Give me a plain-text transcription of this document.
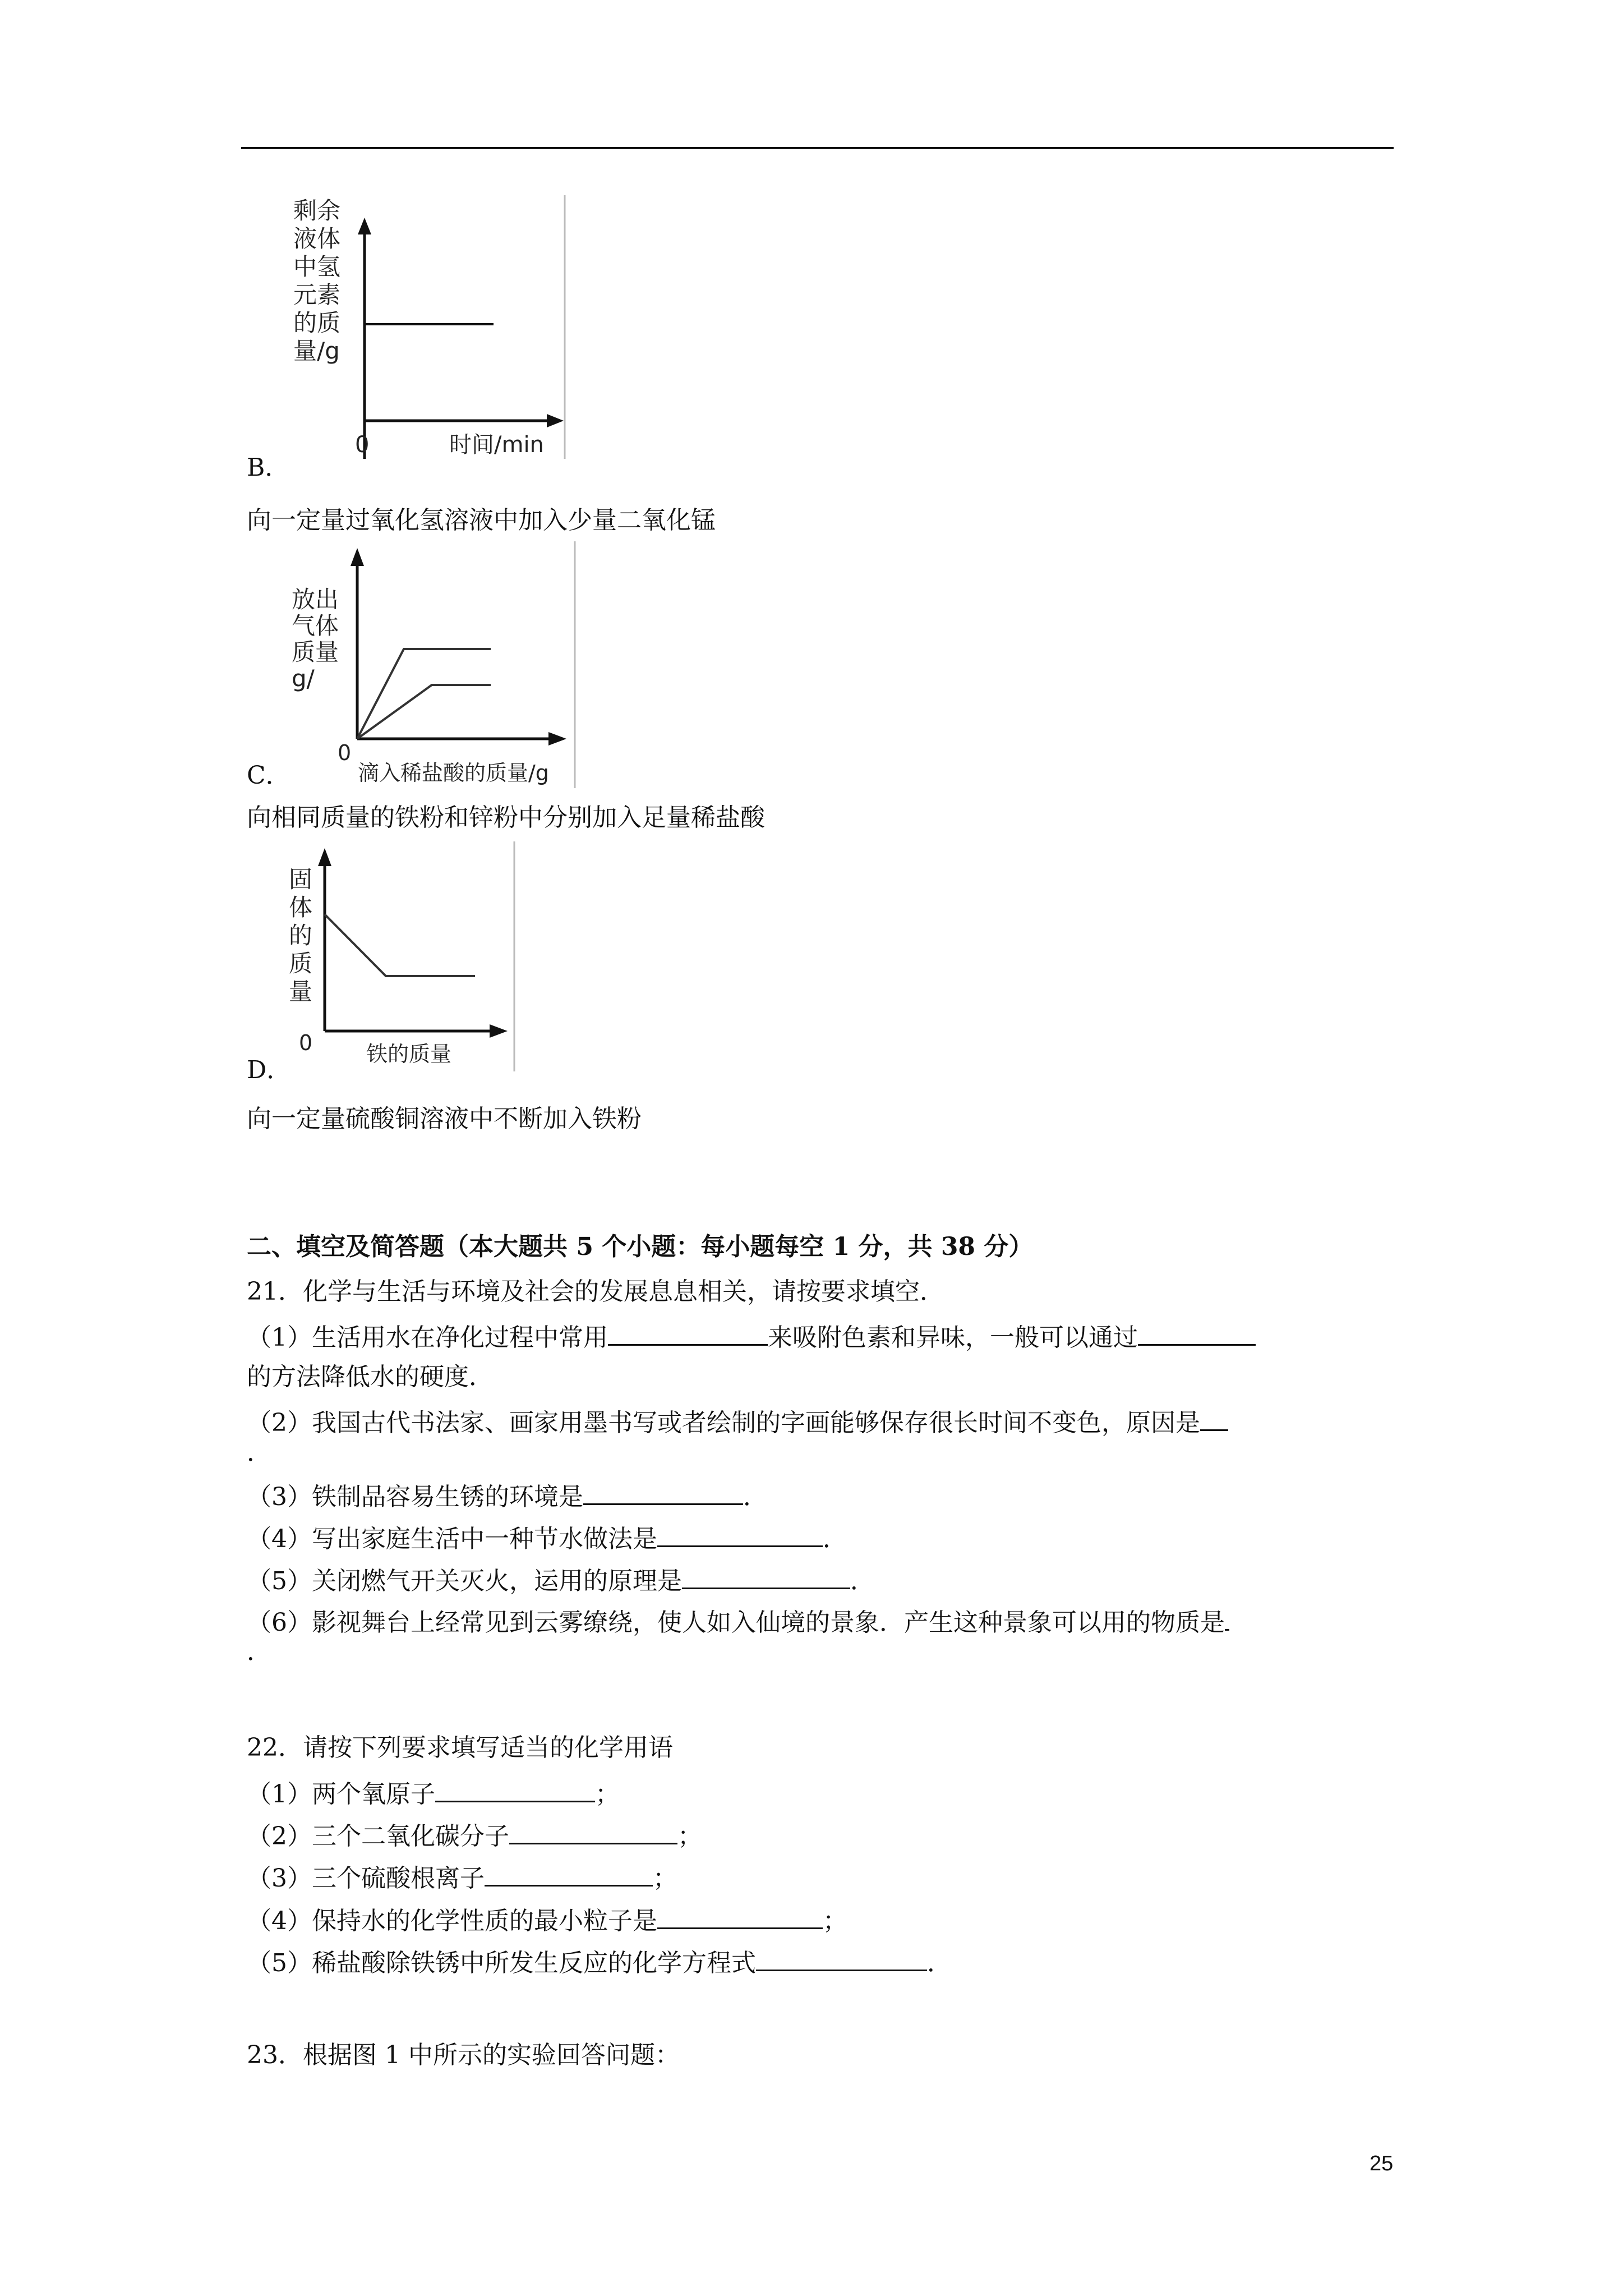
剩余
液体
中氢
元素
的质
量/g
0	时间/min
B．
向一定量过氧化氢溶液中加入少量二氧化锰
放出
气体
质量
g/
0
滴入稀盐酸的质量/g
C．
向相同质量的铁粉和锌粉中分别加入足量稀盐酸
固
体
的
质
量
0	铁的质量
D．
向一定量硫酸铜溶液中不断加入铁粉
二、填空及简答题（本大题共 5 个小题：每小题每空 1 分，共 38 分）
21．化学与生活与环境及社会的发展息息相关，请按要求填空．
（1）生活用水在净化过程中常用	来吸附色素和异味，一般可以通过
的方法降低水的硬度．
（2）我国古代书法家、画家用墨书写或者绘制的字画能够保存很长时间不变色，原因是
．
（3）铁制品容易生锈的环境是	．
（4）写出家庭生活中一种节水做法是	．
（5）关闭燃气开关灭火，运用的原理是	．
（6）影视舞台上经常见到云雾缭绕，使人如入仙境的景象．产生这种景象可以用的物质是
．
22．请按下列要求填写适当的化学用语
（1）两个氧原子	；
（2）三个二氧化碳分子	；
（3）三个硫酸根离子	；
（4）保持水的化学性质的最小粒子是	；
（5）稀盐酸除铁锈中所发生反应的化学方程式	．
23．根据图 1 中所示的实验回答问题：
25
